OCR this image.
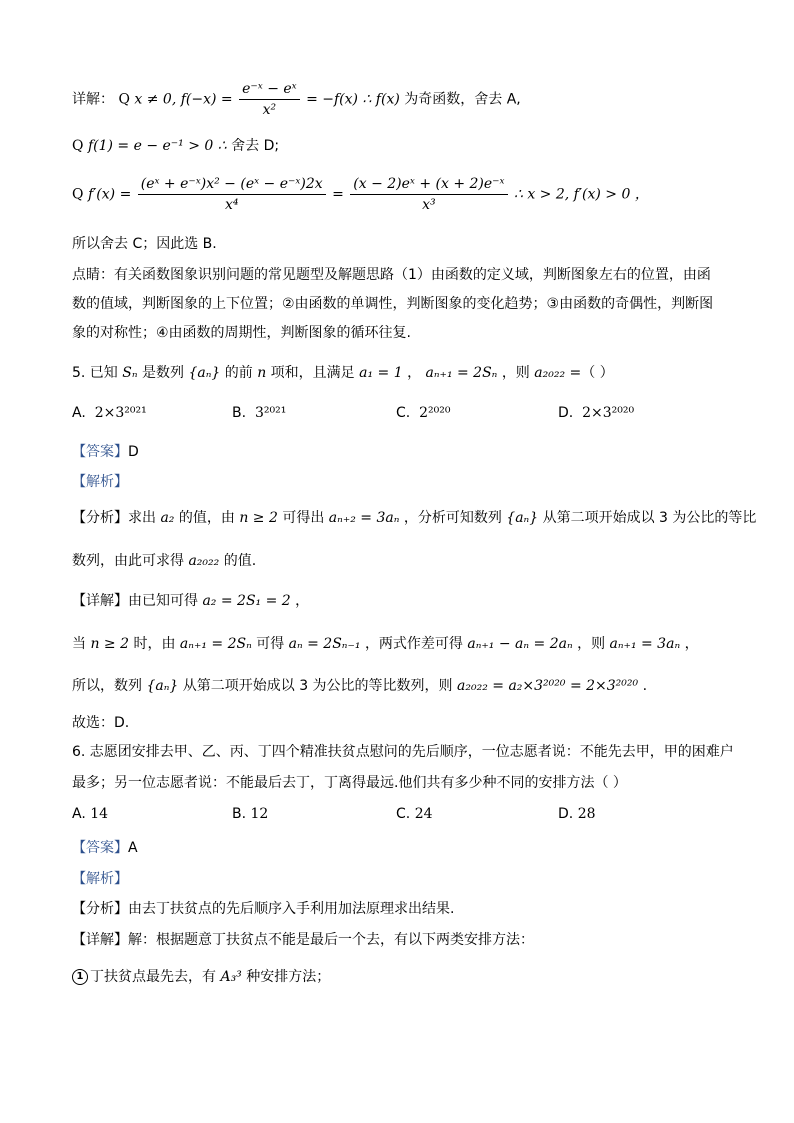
详解： Q x ≠ 0, $f(-x) = \frac{\text{e⁻ˣ − eˣ}}{\text{x²}} = -f(x)$ ∴ f(x) 为奇函数，舍去 A,
Q f(1) = e − e⁻¹ > 0 ∴ 舍去 D;
Q $f'(x) = \frac{\text{(eˣ + e⁻ˣ)x² − (eˣ − e⁻ˣ)2x}}{\text{x⁴}} = \frac{\text{(x − 2)eˣ + (x + 2)e⁻ˣ}}{\text{x³}}$ ∴ x > 2, f′(x) > 0 ，
所以舍去 C；因此选 B.
点睛：有关函数图象识别问题的常见题型及解题思路（1）由函数的定义域，判断图象左右的位置，由函
数的值域，判断图象的上下位置；②由函数的单调性，判断图象的变化趋势；③由函数的奇偶性，判断图
象的对称性；④由函数的周期性，判断图象的循环往复.
5. 已知 Sₙ 是数列 {aₙ} 的前 n 项和，且满足 a₁ = 1 ， aₙ₊₁ = 2Sₙ ，则 a₂₀₂₂ =（ ）
A. 2×3²⁰²¹	B. 3²⁰²¹	C. 2²⁰²⁰	D. 2×3²⁰²⁰
【答案】D
【解析】
【分析】求出 a₂ 的值，由 n ≥ 2 可得出 aₙ₊₂ = 3aₙ ，分析可知数列 {aₙ} 从第二项开始成以 3 为公比的等比
数列，由此可求得 a₂₀₂₂ 的值.
【详解】由已知可得 a₂ = 2S₁ = 2 ，
当 n ≥ 2 时，由 aₙ₊₁ = 2Sₙ 可得 aₙ = 2Sₙ₋₁ ，两式作差可得 aₙ₊₁ − aₙ = 2aₙ ，则 aₙ₊₁ = 3aₙ ，
所以，数列 {aₙ} 从第二项开始成以 3 为公比的等比数列，则 a₂₀₂₂ = a₂×3²⁰²⁰ = 2×3²⁰²⁰ .
故选：D.
6. 志愿团安排去甲、乙、丙、丁四个精准扶贫点慰问的先后顺序，一位志愿者说：不能先去甲，甲的困难户
最多；另一位志愿者说：不能最后去丁，丁离得最远.他们共有多少种不同的安排方法（ ）
A. 14	B. 12	C. 24	D. 28
【答案】A
【解析】
【分析】由去丁扶贫点的先后顺序入手利用加法原理求出结果.
【详解】解：根据题意丁扶贫点不能是最后一个去，有以下两类安排方法：
1 丁扶贫点最先去，有 A₃³ 种安排方法；
